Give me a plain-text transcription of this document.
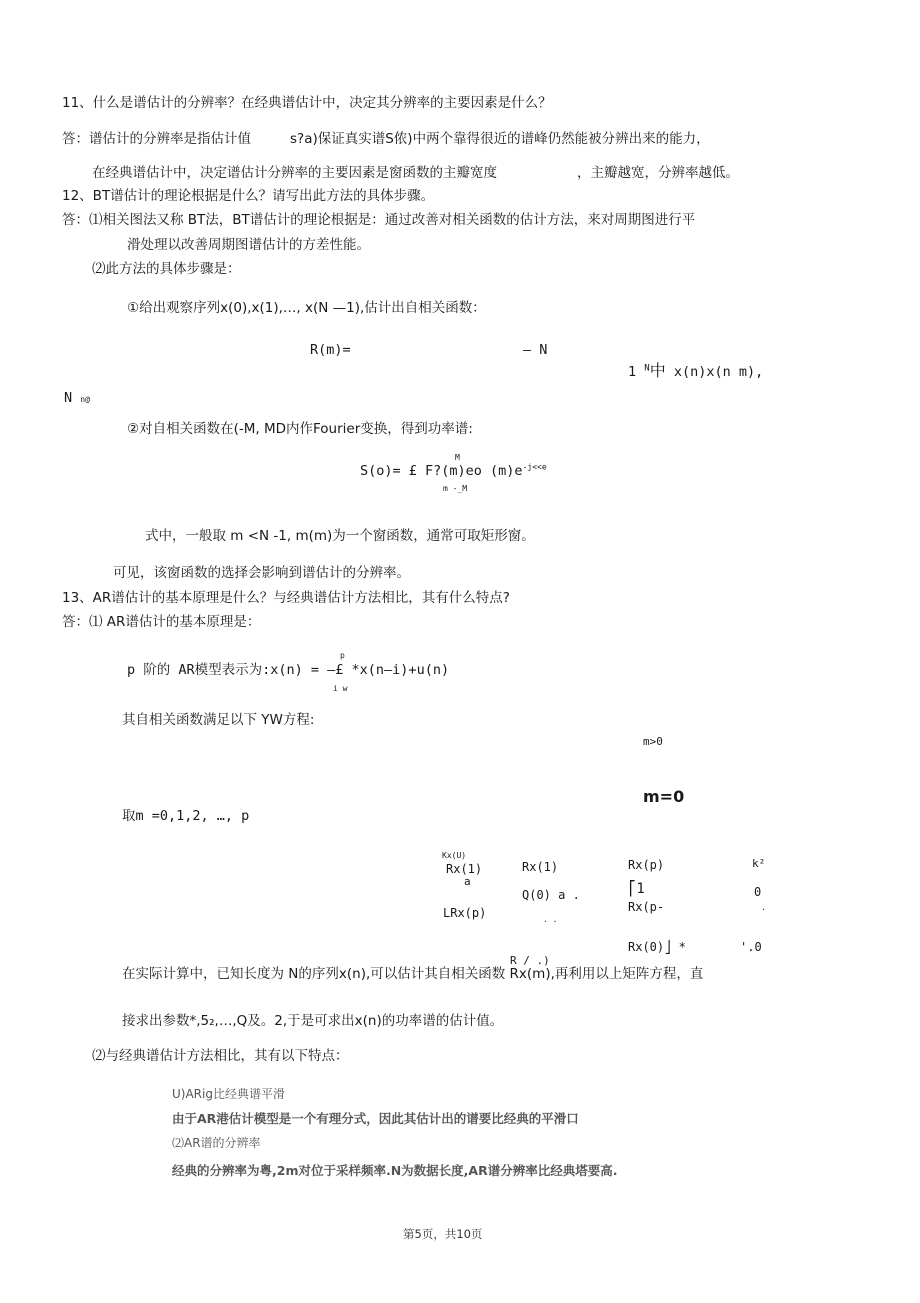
11、什么是谱估计的分辨率？在经典谱估计中，决定其分辨率的主要因素是什么？
答：谱估计的分辨率是指估计值	s?a)保证真实谱S侬)中两个靠得很近的谱峰仍然能被分辨出来的能力，
在经典谱估计中，决定谱估计分辨率的主要因素是窗函数的主瓣宽度	，主瓣越宽，分辨率越低。
12、BT谱估计的理论根据是什么？请写出此方法的具体步骤。
答：⑴相关图法又称 BT法，BT谱估计的理论根据是：通过改善对相关函数的估计方法，来对周期图进行平
滑处理以改善周期图谱估计的方差性能。
⑵此方法的具体步骤是：
①给出观察序列x(0),x(1),…, x(N —1),估计出自相关函数：
R(m)=	— N
1 $^N$中 x(n)x(n m),
N n@
②对自相关函数在(-M, MD内作Fourier变换，得到功率谱:
M
S(o)= £ F?(m)eo $(m)e^{-j<<e}$
m -_M
式中，一般取 m <N -1, m(m)为一个窗函数，通常可取矩形窗。
可见，该窗函数的选择会影响到谱估计的分辨率。
13、AR谱估计的基本原理是什么？与经典谱估计方法相比，其有什么特点?
答：⑴ AR谱估计的基本原理是：
p
p 阶的 AR模型表示为:x(n) = —£ *x(n—i)+u(n)
i w
其自相关函数满足以下 YW方程:
m>0
m=0
取m =0,1,2, …, p
Kx(U)
Rx(1)
a
Rx(1)	Rx(p)	k²
Q(0) a .	⎡1	0
LRx(p)	. .
Rx(p-	.
R / .)
Rx(0)⎦ *	'.0
在实际计算中，已知长度为 N的序列x(n),可以估计其自相关函数 Rx(m),再利用以上矩阵方程，直
接求出参数*,5₂,…,Q及。2,于是可求出x(n)的功率谱的估计值。
⑵与经典谱估计方法相比，其有以下特点：
U)ARig比经典谱平滑
由于AR港估计模型是一个有理分式，因此其估计出的谱要比经典的平滑口
⑵AR谱的分辨率
经典的分辨率为粤,2m对位于采样频率.N为数据长度,AR谱分辨率比经典塔要高.
第5页，共10页
